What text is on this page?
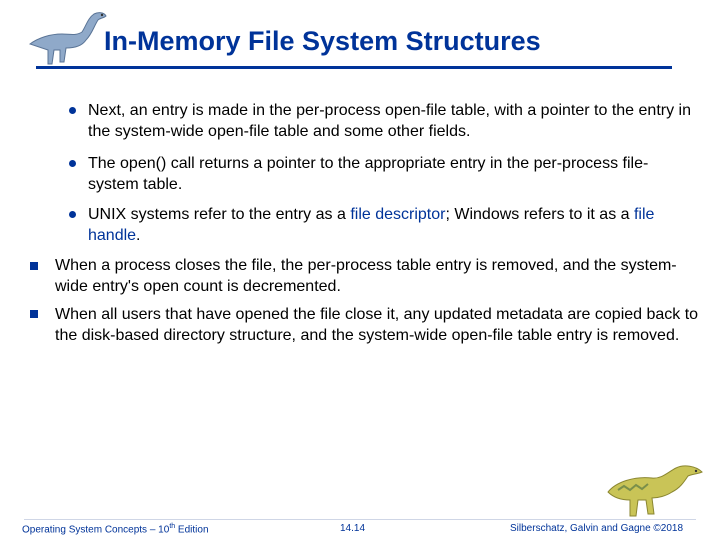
In-Memory File System Structures
Next, an entry is made in the per-process open-file table, with a pointer to the entry in the system-wide open-file table and some other fields.
The open() call returns a pointer to the appropriate entry in the per-process file-system table.
UNIX systems refer to the entry as a file descriptor; Windows refers to it as a file handle.
When a process closes the file, the per-process table entry is removed, and the system-wide entry's open count is decremented.
When all users that have opened the file close it, any updated metadata are copied back to the disk-based directory structure, and the system-wide open-file table entry is removed.
Operating System Concepts – 10th Edition	14.14	Silberschatz, Galvin and Gagne ©2018
